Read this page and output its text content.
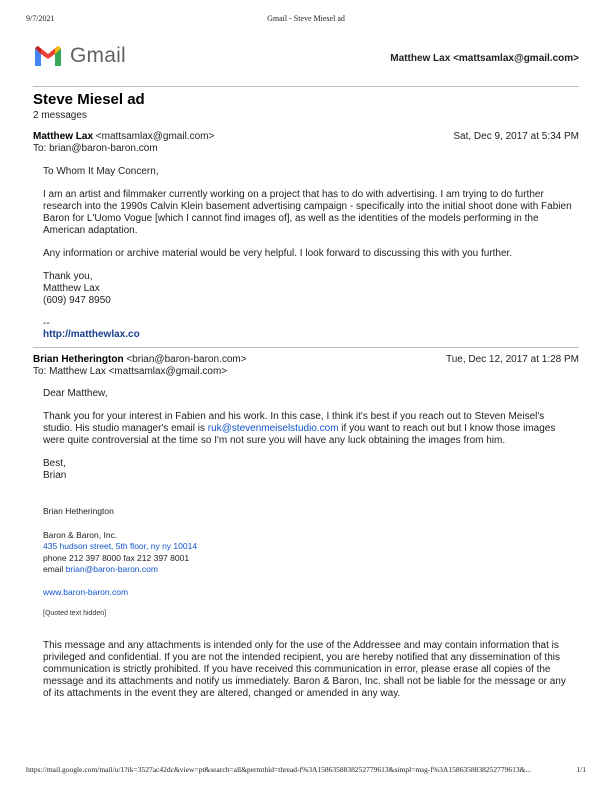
9/7/2021	Gmail - Steve Miesel ad
Gmail	Matthew Lax <mattsamlax@gmail.com>
Steve Miesel ad
2 messages
Matthew Lax <mattsamlax@gmail.com>	Sat, Dec 9, 2017 at 5:34 PM
To: brian@baron-baron.com

To Whom It May Concern,

I am an artist and filmmaker currently working on a project that has to do with advertising. I am trying to do further research into the 1990s Calvin Klein basement advertising campaign - specifically into the initial shoot done with Fabien Baron for L'Uomo Vogue [which I cannot find images of], as well as the identities of the models performing in the American adaptation.

Any information or archive material would be very helpful. I look forward to discussing this with you further.

Thank you,
Matthew Lax
(609) 947 8950

--
http://matthewlax.co
Brian Hetherington <brian@baron-baron.com>	Tue, Dec 12, 2017 at 1:28 PM
To: Matthew Lax <mattsamlax@gmail.com>

Dear Matthew,

Thank you for your interest in Fabien and his work. In this case, I think it's best if you reach out to Steven Meisel's studio. His studio manager's email is ruk@stevenmeiselstudio.com if you want to reach out but I know those images were quite controversial at the time so I'm not sure you will have any luck obtaining the images from him.

Best,
Brian

Brian Hetherington
Baron & Baron, Inc.
435 hudson street, 5th floor, ny ny 10014
phone 212 397 8000 fax 212 397 8001
email brian@baron-baron.com
www.baron-baron.com
[Quoted text hidden]

This message and any attachments is intended only for the use of the Addressee and may contain information that is privileged and confidential. If you are not the intended recipient, you are hereby notified that any dissemination of this communication is strictly prohibited. If you have received this communication in error, please erase all copies of the message and its attachments and notify us immediately. Baron & Baron, Inc. shall not be liable for the message or any of its attachments in the event they are altered, changed or amended in any way.

https://mail.google.com/mail/u/1?ik=3527ac42dc&view=pt&search=all&permthid=thread-f%3A1586358838252779613&simpl=msg-f%3A1586358838252779613&...	1/1
